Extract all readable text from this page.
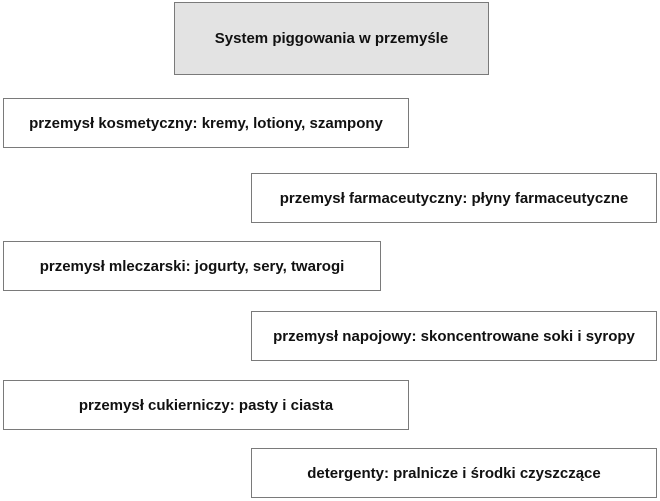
System piggowania w przemyśle
przemysł kosmetyczny: kremy, lotiony, szampony
przemysł farmaceutyczny: płyny farmaceutyczne
przemysł mleczarski: jogurty, sery, twarogi
przemysł napojowy: skoncentrowane soki i syropy
przemysł cukierniczy: pasty i ciasta
detergenty: pralnicze i środki czyszczące
